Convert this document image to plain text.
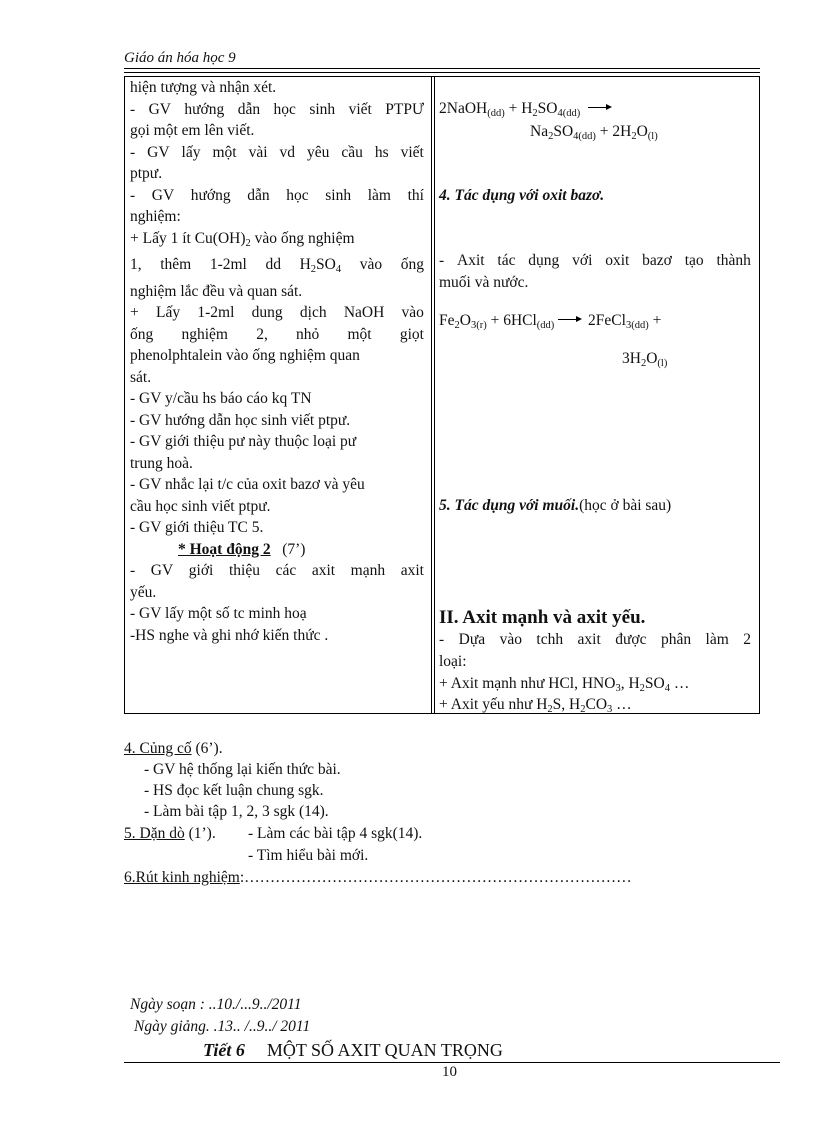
Giáo án hóa học 9
hiện tượng và nhận xét.
- GV hướng dẫn học sinh viết PTPƯ
gọi một em lên viết.
- GV lấy một vài vd yêu cầu hs viết
ptpư.
- GV hướng dẫn học sinh làm thí
nghiệm:
+ Lấy 1 ít $Cu(OH)_2$ vào ống nghiệm
1, thêm 1-2ml dd $H_2SO_4$ vào ống
nghiệm lắc đều và quan sát.
+ Lấy 1-2ml dung dịch NaOH vào
ống nghiệm 2, nhỏ một giọt
phenolphtalein vào ống nghiệm quan
sát.
- GV y/cầu hs báo cáo kq TN
- GV hướng dẫn học sinh viết ptpư.
- GV giới thiệu pư này thuộc loại pư
trung hoà.
- GV nhắc lại t/c của oxit bazơ và yêu
cầu học sinh viết ptpư.
- GV giới thiệu TC 5.
* Hoạt động 2 (7’)
- GV giới thiệu các axit mạnh axit
yếu.
- GV lấy một số tc minh hoạ
-HS nghe và ghi nhớ kiến thức .
2NaOH$_{(dd)}$ + $H_2SO_{4(dd)}$
$Na_2SO_{4(dd)} + 2H_2O_{(l)}$
4. Tác dụng với oxit bazơ.
- Axit tác dụng với oxit bazơ tạo thành
muối và nước.
$Fe_2O_{3(r)} + 6HCl_{(dd)}$ → 2FeCl$_{3(dd)}$ +
$3H_2O_{(l)}$
5. Tác dụng với muối.(học ở bài sau)
II. Axit mạnh và axit yếu.
- Dựa vào tchh axit được phân làm 2
loại:
+ Axit mạnh như HCl, $HNO_3$, $H_2SO_4$ …
+ Axit yếu như $H_2S$, $H_2CO_3$ …
4. Củng cố (6’).
- GV hệ thống lại kiến thức bài.
- HS đọc kết luận chung sgk.
- Làm bài tập 1, 2, 3 sgk (14).
5. Dặn dò (1’). - Làm các bài tập 4 sgk(14).
- Tìm hiểu bài mới.
6.Rút kinh nghiệm:…………………………………………………………………
Ngày soạn : ..10./...9../2011
Ngày giảng. .13.. /..9../ 2011
Tiết 6 MỘT SỐ AXIT QUAN TRỌNG
10
